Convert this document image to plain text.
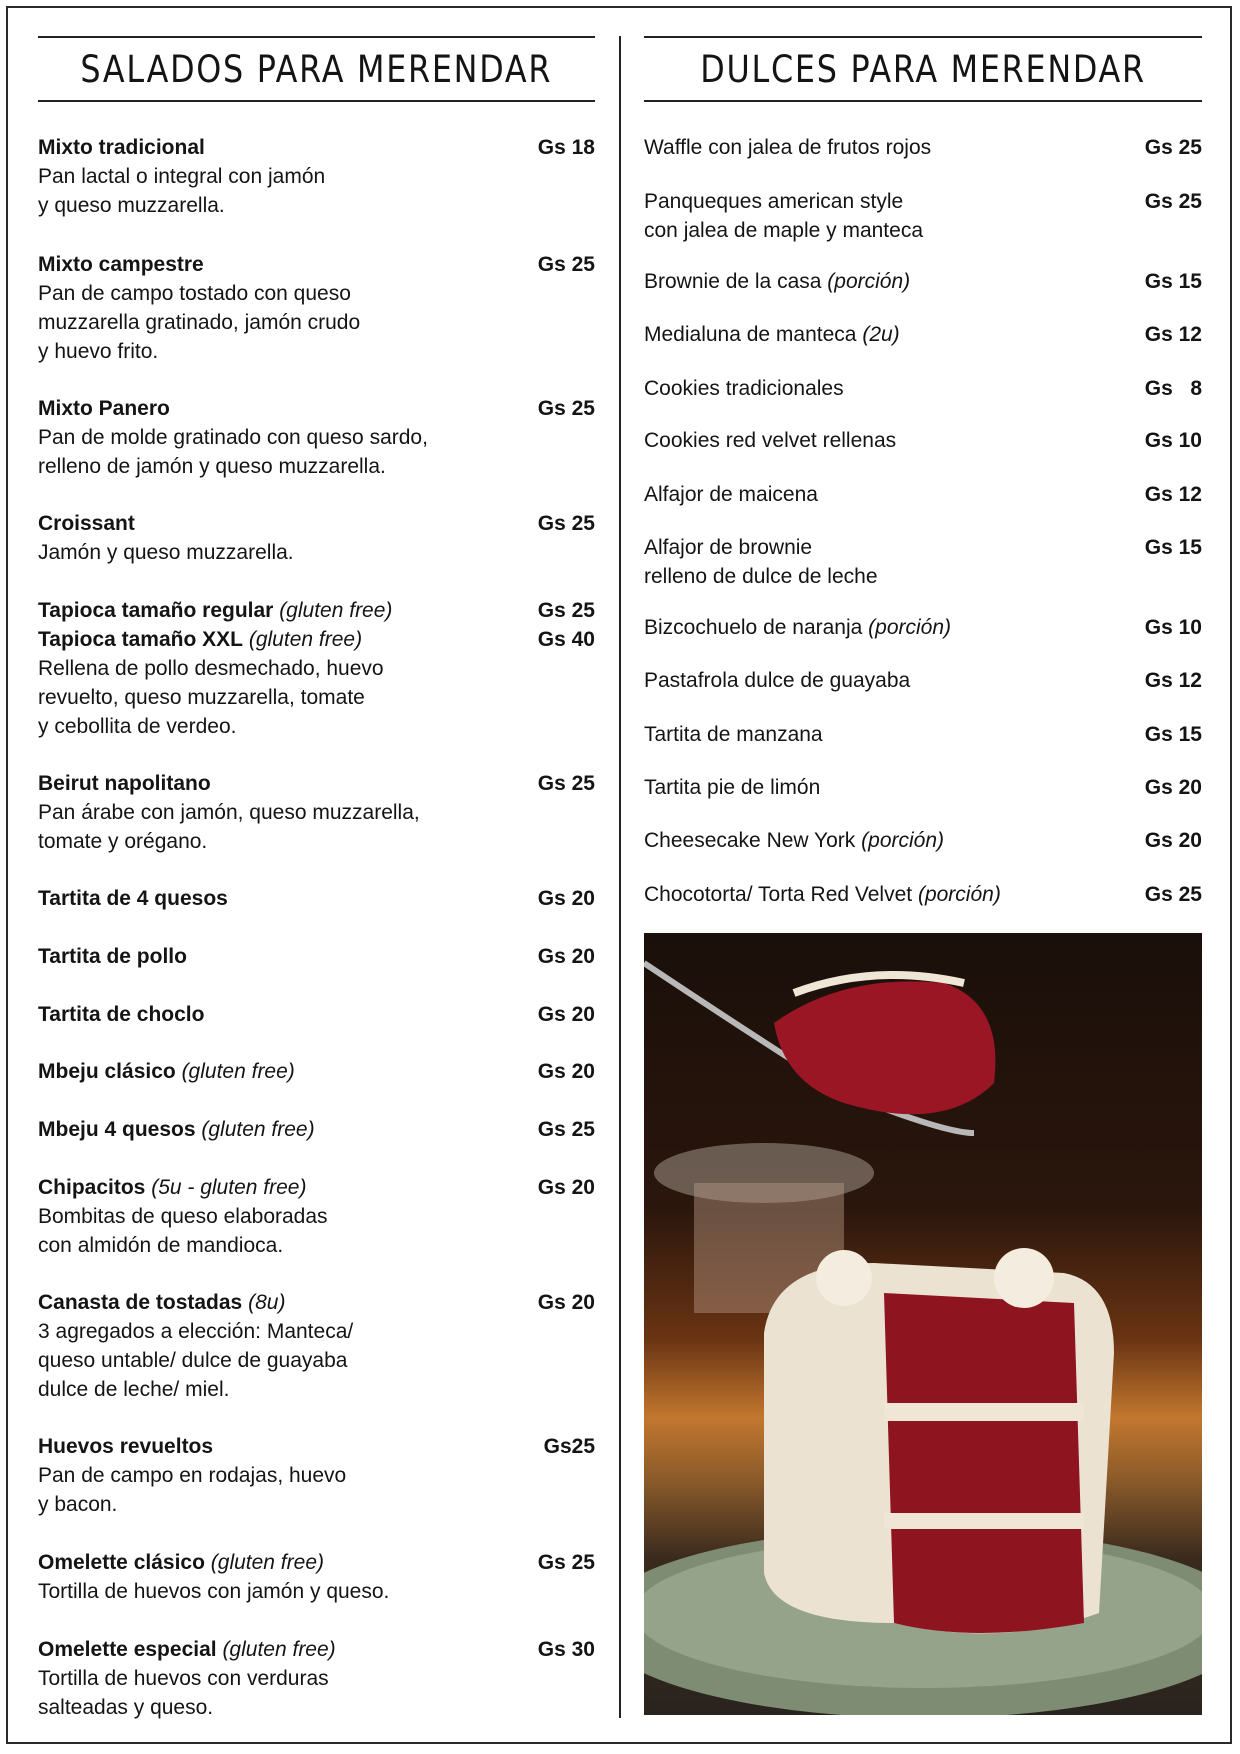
SALADOS PARA MERENDAR	DULCES PARA MERENDAR
Mixto tradicional	Gs 18
Pan lactal o integral con jamón
y queso muzzarella.
Mixto campestre	Gs 25
Pan de campo tostado con queso
muzzarella gratinado, jamón crudo
y huevo frito.
Mixto Panero	Gs 25
Pan de molde gratinado con queso sardo,
relleno de jamón y queso muzzarella.
Croissant	Gs 25
Jamón y queso muzzarella.
Tapioca tamaño regular (gluten free)	Gs 25
Tapioca tamaño XXL (gluten free)	Gs 40
Rellena de pollo desmechado, huevo
revuelto, queso muzzarella, tomate
y cebollita de verdeo.
Beirut napolitano	Gs 25
Pan árabe con jamón, queso muzzarella,
tomate y orégano.
Tartita de 4 quesos	Gs 20
Tartita de pollo	Gs 20
Tartita de choclo	Gs 20
Mbeju clásico (gluten free)	Gs 20
Mbeju 4 quesos (gluten free)	Gs 25
Chipacitos (5u - gluten free)	Gs 20
Bombitas de queso elaboradas
con almidón de mandioca.
Canasta de tostadas (8u)	Gs 20
3 agregados a elección: Manteca/
queso untable/ dulce de guayaba
dulce de leche/ miel.
Huevos revueltos	Gs25
Pan de campo en rodajas, huevo
y bacon.
Omelette clásico (gluten free)	Gs 25
Tortilla de huevos con jamón y queso.
Omelette especial (gluten free)	Gs 30
Tortilla de huevos con verduras
salteadas y queso.
Waffle con jalea de frutos rojos	Gs 25
Panqueques american style	Gs 25
con jalea de maple y manteca
Brownie de la casa (porción)	Gs 15
Medialuna de manteca (2u)	Gs 12
Cookies tradicionales	Gs   8
Cookies red velvet rellenas	Gs 10
Alfajor de maicena	Gs 12
Alfajor de brownie	Gs 15
relleno de dulce de leche
Bizcochuelo de naranja (porción)	Gs 10
Pastafrola dulce de guayaba	Gs 12
Tartita de manzana	Gs 15
Tartita pie de limón	Gs 20
Cheesecake New York (porción)	Gs 20
Chocotorta/ Torta Red Velvet (porción)	Gs 25
